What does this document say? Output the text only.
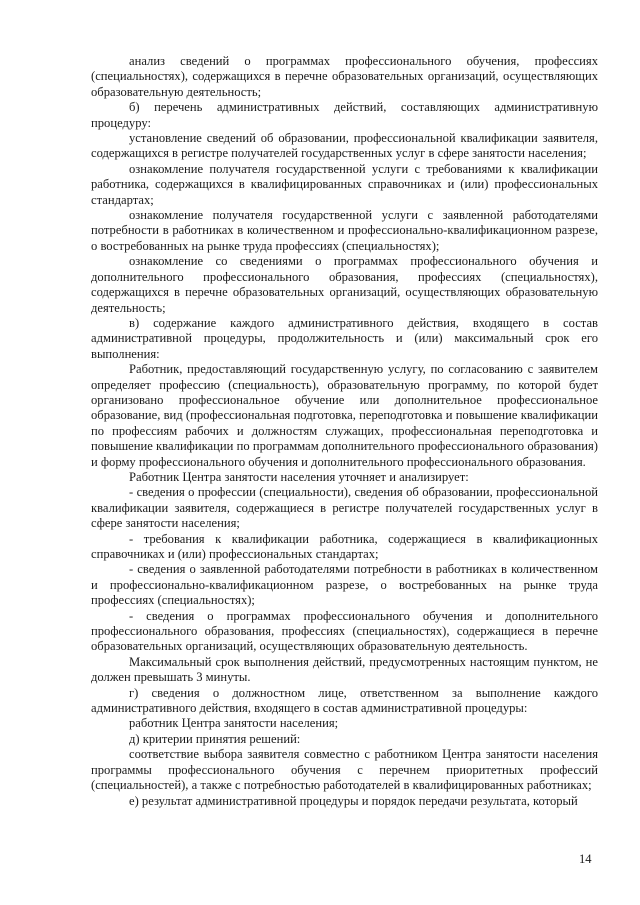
анализ сведений о программах профессионального обучения, профессиях (специальностях), содержащихся в перечне образовательных организаций, осуществляющих образовательную деятельность;

б) перечень административных действий, составляющих административную процедуру:

установление сведений об образовании, профессиональной квалификации заявителя, содержащихся в регистре получателей государственных услуг в сфере занятости населения;

ознакомление получателя государственной услуги с требованиями к квалификации работника, содержащихся в квалифицированных справочниках и (или) профессиональных стандартах;

ознакомление получателя государственной услуги с заявленной работодателями потребности в работниках в количественном и профессионально-квалификационном разрезе, о востребованных на рынке труда профессиях (специальностях);

ознакомление со сведениями о программах профессионального обучения и дополнительного профессионального образования, профессиях (специальностях), содержащихся в перечне образовательных организаций, осуществляющих образовательную деятельность;

в) содержание каждого административного действия, входящего в состав административной процедуры, продолжительность и (или) максимальный срок его выполнения:

Работник, предоставляющий государственную услугу, по согласованию с заявителем определяет профессию (специальность), образовательную программу, по которой будет организовано профессиональное обучение или дополнительное профессиональное образование, вид (профессиональная подготовка, переподготовка и повышение квалификации по профессиям рабочих и должностям служащих, профессиональная переподготовка и повышение квалификации по программам дополнительного профессионального образования) и форму профессионального обучения и дополнительного профессионального образования.

Работник Центра занятости населения уточняет и анализирует:

- сведения о профессии (специальности), сведения об образовании, профессиональной квалификации заявителя, содержащиеся в регистре получателей государственных услуг в сфере занятости населения;

- требования к квалификации работника, содержащиеся в квалификационных справочниках и (или) профессиональных стандартах;

- сведения о заявленной работодателями потребности в работниках в количественном и профессионально-квалификационном разрезе, о востребованных на рынке труда профессиях (специальностях);

- сведения о программах профессионального обучения и дополнительного профессионального образования, профессиях (специальностях), содержащиеся в перечне образовательных организаций, осуществляющих образовательную деятельность.

Максимальный срок выполнения действий, предусмотренных настоящим пунктом, не должен превышать 3 минуты.

г) сведения о должностном лице, ответственном за выполнение каждого административного действия, входящего в состав административной процедуры:

работник Центра занятости населения;

д) критерии принятия решений:

соответствие выбора заявителя совместно с работником Центра занятости населения программы профессионального обучения с перечнем приоритетных профессий (специальностей), а также с потребностью работодателей в квалифицированных работниках;

е) результат административной процедуры и порядок передачи результата, который

14
